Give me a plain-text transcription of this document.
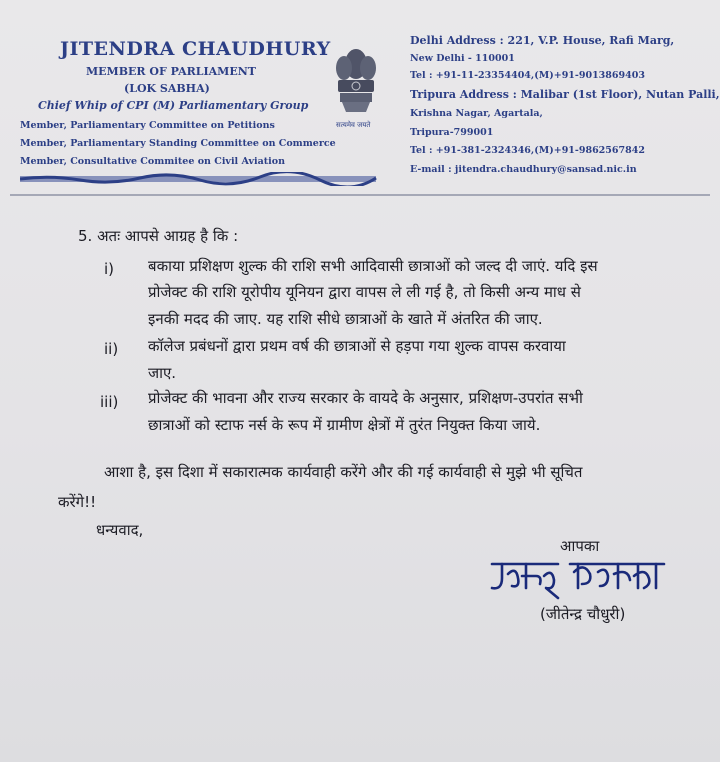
JITENDRA CHAUDHURY
MEMBER OF PARLIAMENT
(LOK SABHA)
Chief Whip of CPI (M) Parliamentary Group
Member, Parliamentary Committee on Petitions
Member, Parliamentary Standing Committee on Commerce
Member, Consultative Commitee on Civil Aviation
सत्यमेव जयते
Delhi Address : 221, V.P. House, Rafi Marg,
New Delhi - 110001
Tel : +91-11-23354404,(M)+91-9013869403
Tripura Address : Malibar (1st Floor), Nutan Palli,
Krishna Nagar, Agartala,
Tripura-799001
Tel : +91-381-2324346,(M)+91-9862567842
E-mail : jitendra.chaudhury@sansad.nic.in
5. अतः आपसे आग्रह है कि :
i) बकाया प्रशिक्षण शुल्क की राशि सभी आदिवासी छात्राओं को जल्द दी जाएं. यदि इस
प्रोजेक्ट की राशि यूरोपीय यूनियन द्वारा वापस ले ली गई है, तो किसी अन्य माध से
इनकी मदद की जाए. यह राशि सीधे छात्राओं के खाते में अंतरित की जाए.
ii) कॉलेज प्रबंधनों द्वारा प्रथम वर्ष की छात्राओं से हड़पा गया शुल्क वापस करवाया
जाए.
iii) प्रोजेक्ट की भावना और राज्य सरकार के वायदे के अनुसार, प्रशिक्षण-उपरांत सभी
छात्राओं को स्टाफ नर्स के रूप में ग्रामीण क्षेत्रों में तुरंत नियुक्त किया जाये.
आशा है, इस दिशा में सकारात्मक कार्यवाही करेंगे और की गई कार्यवाही से मुझे भी सूचित
करेंगे!!
धन्यवाद,
आपका
(जीतेन्द्र चौधुरी)
